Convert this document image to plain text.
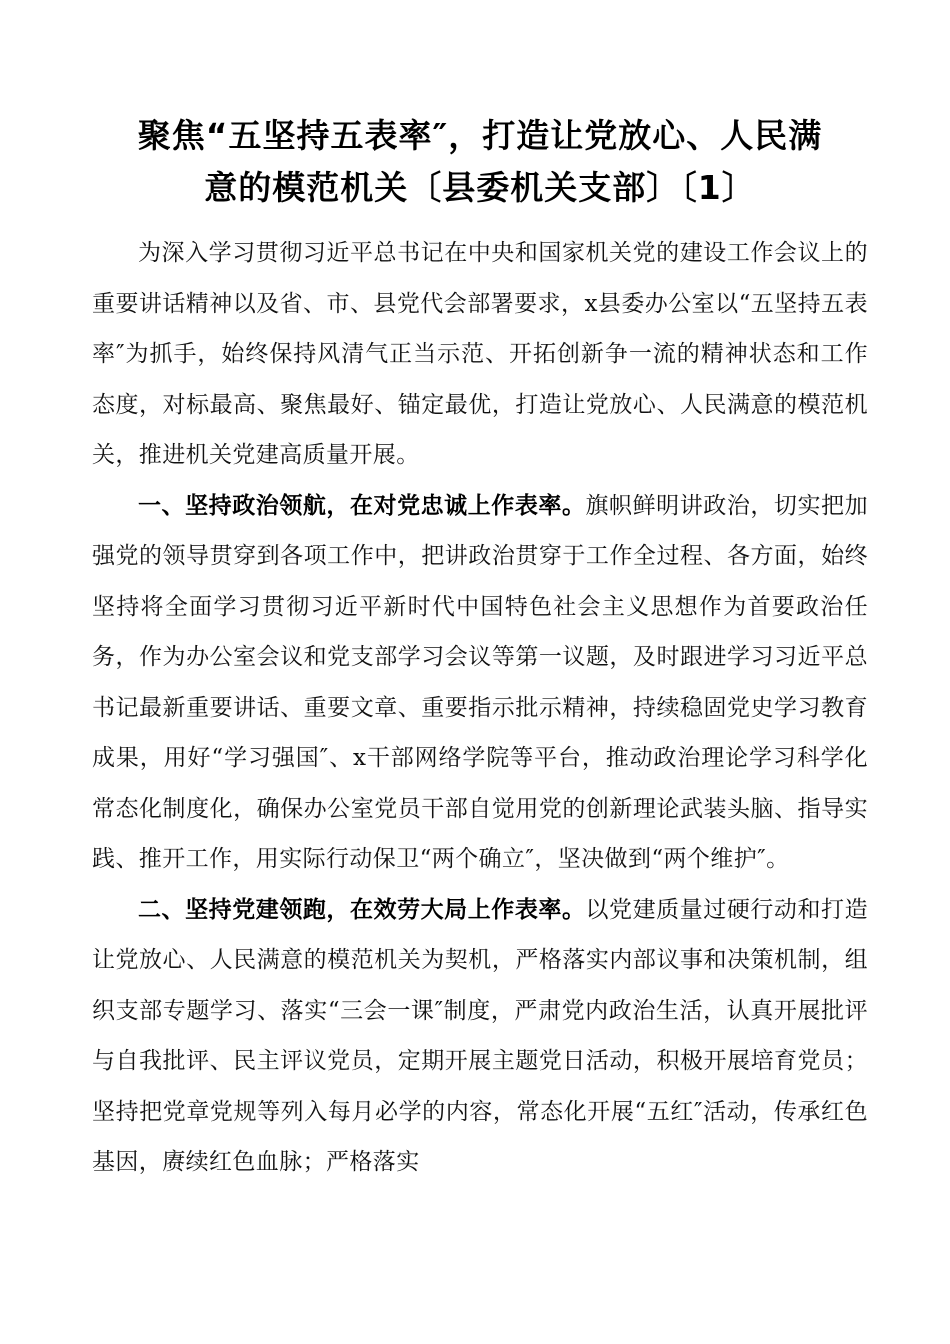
聚焦“五坚持五表率″，打造让党放心、人民满
意的模范机关〔县委机关支部〕〔1〕

为深入学习贯彻习近平总书记在中央和国家机关党的建设工作会议上的重要讲话精神以及省、市、县党代会部署要求，x县委办公室以“五坚持五表率″为抓手，始终保持风清气正当示范、开拓创新争一流的精神状态和工作态度，对标最高、聚焦最好、锚定最优，打造让党放心、人民满意的模范机关，推进机关党建高质量开展。

一、坚持政治领航，在对党忠诚上作表率。旗帜鲜明讲政治，切实把加强党的领导贯穿到各项工作中，把讲政治贯穿于工作全过程、各方面，始终坚持将全面学习贯彻习近平新时代中国特色社会主义思想作为首要政治任务，作为办公室会议和党支部学习会议等第一议题，及时跟进学习习近平总书记最新重要讲话、重要文章、重要指示批示精神，持续稳固党史学习教育成果，用好“学习强国″、x干部网络学院等平台，推动政治理论学习科学化常态化制度化，确保办公室党员干部自觉用党的创新理论武装头脑、指导实践、推开工作，用实际行动保卫“两个确立″，坚决做到“两个维护″。

二、坚持党建领跑，在效劳大局上作表率。以党建质量过硬行动和打造让党放心、人民满意的模范机关为契机，严格落实内部议事和决策机制，组织支部专题学习、落实“三会一课″制度，严肃党内政治生活，认真开展批评与自我批评、民主评议党员，定期开展主题党日活动，积极开展培育党员；坚持把党章党规等列入每月必学的内容，常态化开展“五红″活动，传承红色基因，赓续红色血脉；严格落实
